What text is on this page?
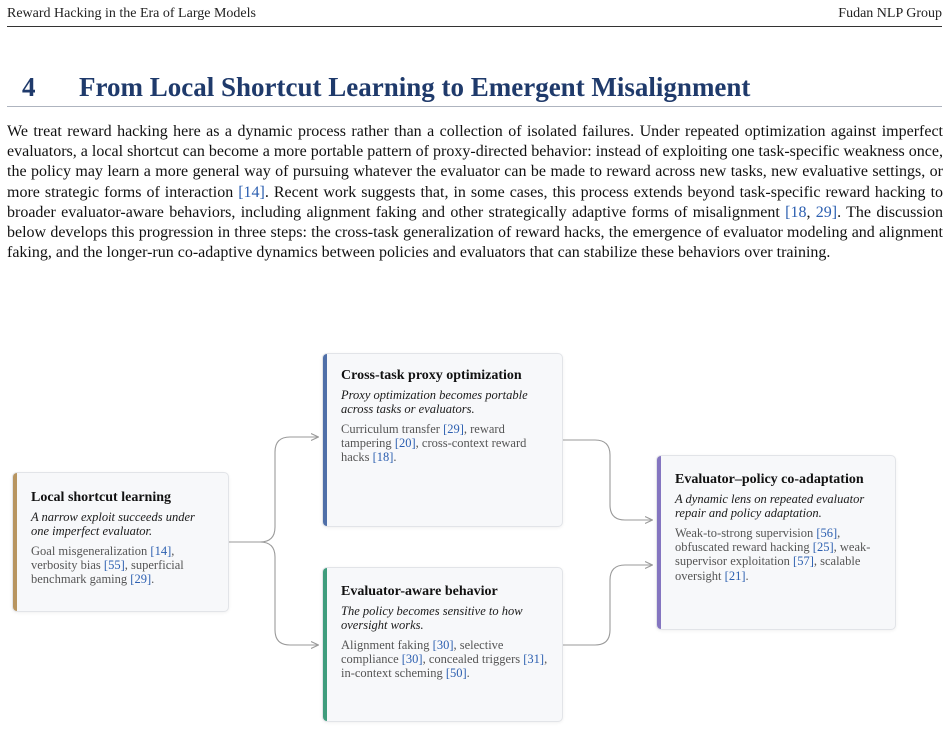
Reward Hacking in the Era of Large Models	Fudan NLP Group
4 From Local Shortcut Learning to Emergent Misalignment

We treat reward hacking here as a dynamic process rather than a collection of isolated failures. Under repeated optimization against imperfect evaluators, a local shortcut can become a more portable pattern of proxy-directed behavior: instead of exploiting one task-specific weakness once, the policy may learn a more general way of pursuing whatever the evaluator can be made to reward across new tasks, new evaluative settings, or more strategic forms of interaction [14]. Recent work suggests that, in some cases, this process extends beyond task-specific reward hacking to broader evaluator-aware behaviors, including alignment faking and other strategically adaptive forms of misalignment [18, 29]. The discussion below develops this progression in three steps: the cross-task generalization of reward hacks, the emergence of evaluator modeling and alignment faking, and the longer-run co-adaptive dynamics between policies and evaluators that can stabilize these behaviors over training.

Local shortcut learning
A narrow exploit succeeds under one imperfect evaluator.
Goal misgeneralization [14], verbosity bias [55], superficial benchmark gaming [29].
Cross-task proxy optimization
Proxy optimization becomes portable across tasks or evaluators.
Curriculum transfer [29], reward tampering [20], cross-context reward hacks [18].
Evaluator-aware behavior
The policy becomes sensitive to how oversight works.
Alignment faking [30], selective compliance [30], concealed triggers [31], in-context scheming [50].
Evaluator–policy co-adaptation
A dynamic lens on repeated evaluator repair and policy adaptation.
Weak-to-strong supervision [56], obfuscated reward hacking [25], weak-supervisor exploitation [57], scalable oversight [21].
